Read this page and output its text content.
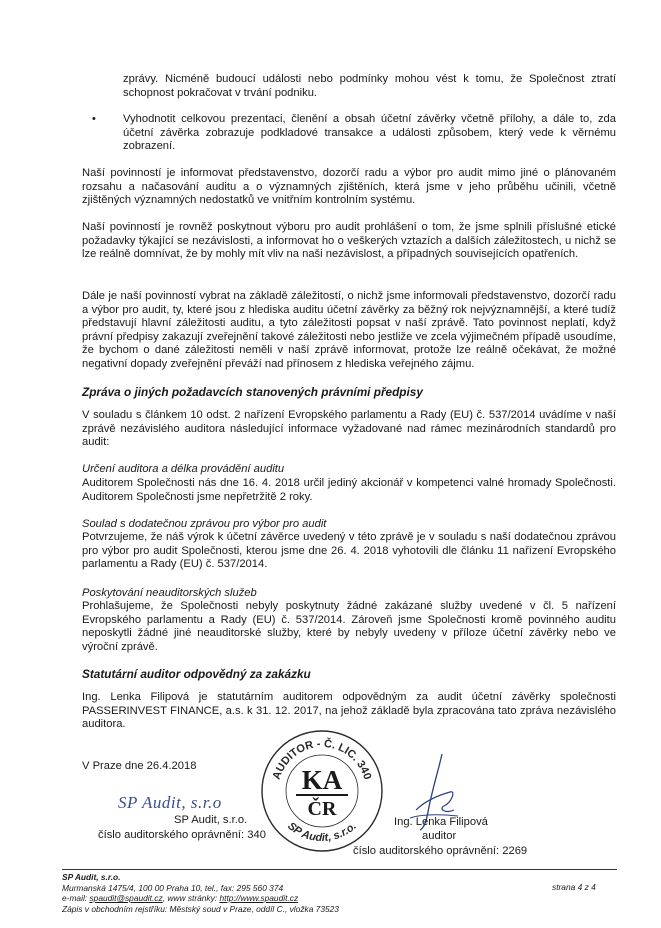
zprávy. Nicméně budoucí události nebo podmínky mohou vést k tomu, že Společnost ztratí schopnost pokračovat v trvání podniku.

• Vyhodnotit celkovou prezentaci, členění a obsah účetní závěrky včetně přílohy, a dále to, zda účetní závěrka zobrazuje podkladové transakce a události způsobem, který vede k věrnému zobrazení.

Naší povinností je informovat představenstvo, dozorčí radu a výbor pro audit mimo jiné o plánovaném rozsahu a načasování auditu a o významných zjištěních, která jsme v jeho průběhu učinili, včetně zjištěných významných nedostatků ve vnitřním kontrolním systému.

Naší povinností je rovněž poskytnout výboru pro audit prohlášení o tom, že jsme splnili příslušné etické požadavky týkající se nezávislosti, a informovat ho o veškerých vztazích a dalších záležitostech, u nichž se lze reálně domnívat, že by mohly mít vliv na naši nezávislost, a případných souvisejících opatřeních.

Dále je naší povinností vybrat na základě záležitostí, o nichž jsme informovali představenstvo, dozorčí radu a výbor pro audit, ty, které jsou z hlediska auditu účetní závěrky za běžný rok nejvýznamnější, a které tudíž představují hlavní záležitosti auditu, a tyto záležitosti popsat v naší zprávě. Tato povinnost neplatí, když právní předpisy zakazují zveřejnění takové záležitosti nebo jestliže ve zcela výjimečném případě usoudíme, že bychom o dané záležitosti neměli v naší zprávě informovat, protože lze reálně očekávat, že možné negativní dopady zveřejnění převáží nad přínosem z hlediska veřejného zájmu.

Zpráva o jiných požadavcích stanovených právními předpisy

V souladu s článkem 10 odst. 2 nařízení Evropského parlamentu a Rady (EU) č. 537/2014 uvádíme v naší zprávě nezávislého auditora následující informace vyžadované nad rámec mezinárodních standardů pro audit:

Určení auditora a délka provádění auditu

Auditorem Společnosti nás dne 16. 4. 2018 určil jediný akcionář v kompetenci valné hromady Společnosti. Auditorem Společnosti jsme nepřetržitě 2 roky.

Soulad s dodatečnou zprávou pro výbor pro audit

Potvrzujeme, že náš výrok k účetní závěrce uvedený v této zprávě je v souladu s naší dodatečnou zprávou pro výbor pro audit Společnosti, kterou jsme dne 26. 4. 2018 vyhotovili dle článku 11 nařízení Evropského parlamentu a Rady (EU) č. 537/2014.

Poskytování neauditorských služeb

Prohlašujeme, že Společnosti nebyly poskytnuty žádné zakázané služby uvedené v čl. 5 nařízení Evropského parlamentu a Rady (EU) č. 537/2014. Zároveň jsme Společnosti kromě povinného auditu neposkytli žádné jiné neauditorské služby, které by nebyly uvedeny v příloze účetní závěrky nebo ve výroční zprávě.

Statutární auditor odpovědný za zakázku

Ing. Lenka Filipová je statutárním auditorem odpovědným za audit účetní závěrky společnosti PASSERINVEST FINANCE, a.s. k 31. 12. 2017, na jehož základě byla zpracována tato zpráva nezávislého auditora.

V Praze dne 26.4.2018

AUDITOR - Č. LIC. 340
SP Audit, s.r.o.
KA
ČR
SP Audit, s.r.o
SP Audit, s.r.o.
číslo auditorského oprávnění: 340
Ing. Lenka Filipová
auditor
číslo auditorského oprávnění: 2269
SP Audit, s.r.o.
Murmanská 1475/4, 100 00 Praha 10, tel., fax: 295 560 374
e-mail: spaudit@spaudit.cz, www stránky: http://www.spaudit.cz
Zápis v obchodním rejstříku: Městský soud v Praze, oddíl C., vložka 73523
strana 4 z 4
